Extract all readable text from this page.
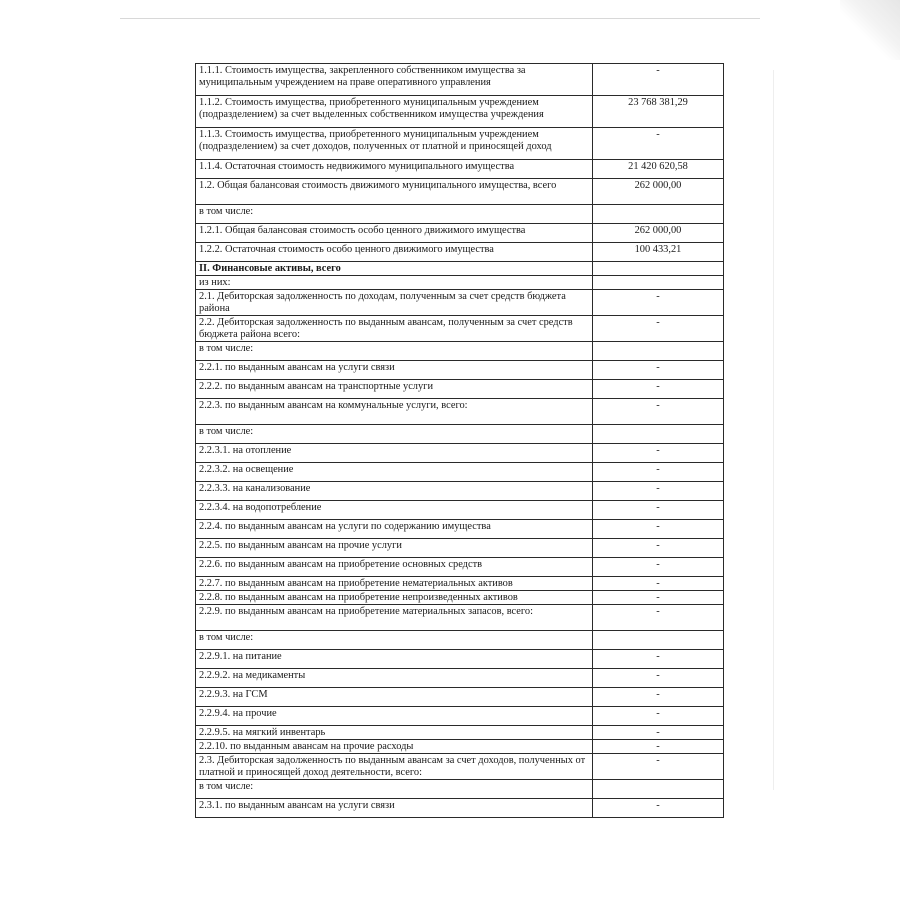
1.1.1. Стоимость имущества, закрепленного собственником имущества за муниципальным учреждением на праве оперативного управления	-
1.1.2. Стоимость имущества, приобретенного муниципальным учреждением (подразделением) за счет выделенных собственником имущества учреждения	23 768 381,29
1.1.3. Стоимость имущества, приобретенного муниципальным учреждением (подразделением) за счет доходов, полученных от платной и приносящей доход	-
1.1.4. Остаточная стоимость недвижимого муниципального имущества	21 420 620,58
1.2. Общая балансовая стоимость движимого муниципального имущества, всего	262 000,00
в том числе:	
1.2.1. Общая балансовая стоимость особо ценного движимого имущества	262 000,00
1.2.2. Остаточная стоимость особо ценного движимого имущества	100 433,21
II. Финансовые активы, всего	
из них:	
2.1. Дебиторская задолженность по доходам, полученным за счет средств бюджета района	-
2.2. Дебиторская задолженность по выданным авансам, полученным за счет средств бюджета района всего:	-
в том числе:	
2.2.1. по выданным авансам на услуги связи	-
2.2.2. по выданным авансам на транспортные услуги	-
2.2.3. по выданным авансам на коммунальные услуги, всего:	-
в том числе:	
2.2.3.1. на отопление	-
2.2.3.2. на освещение	-
2.2.3.3. на канализование	-
2.2.3.4. на водопотребление	-
2.2.4. по выданным авансам на услуги по содержанию имущества	-
2.2.5. по выданным авансам на прочие услуги	-
2.2.6. по выданным авансам на приобретение основных средств	-
2.2.7. по выданным авансам на приобретение нематериальных активов	-
2.2.8. по выданным авансам на приобретение непроизведенных активов	-
2.2.9. по выданным авансам на приобретение материальных запасов, всего:	-
в том числе:	
2.2.9.1. на питание	-
2.2.9.2. на медикаменты	-
2.2.9.3. на ГСМ	-
2.2.9.4. на прочие	-
2.2.9.5. на мягкий инвентарь	-
2.2.10. по выданным авансам на прочие расходы	-
2.3. Дебиторская задолженность по выданным авансам за счет доходов, полученных от платной и приносящей доход деятельности, всего:	-
в том числе:	
2.3.1. по выданным авансам на услуги связи	-
